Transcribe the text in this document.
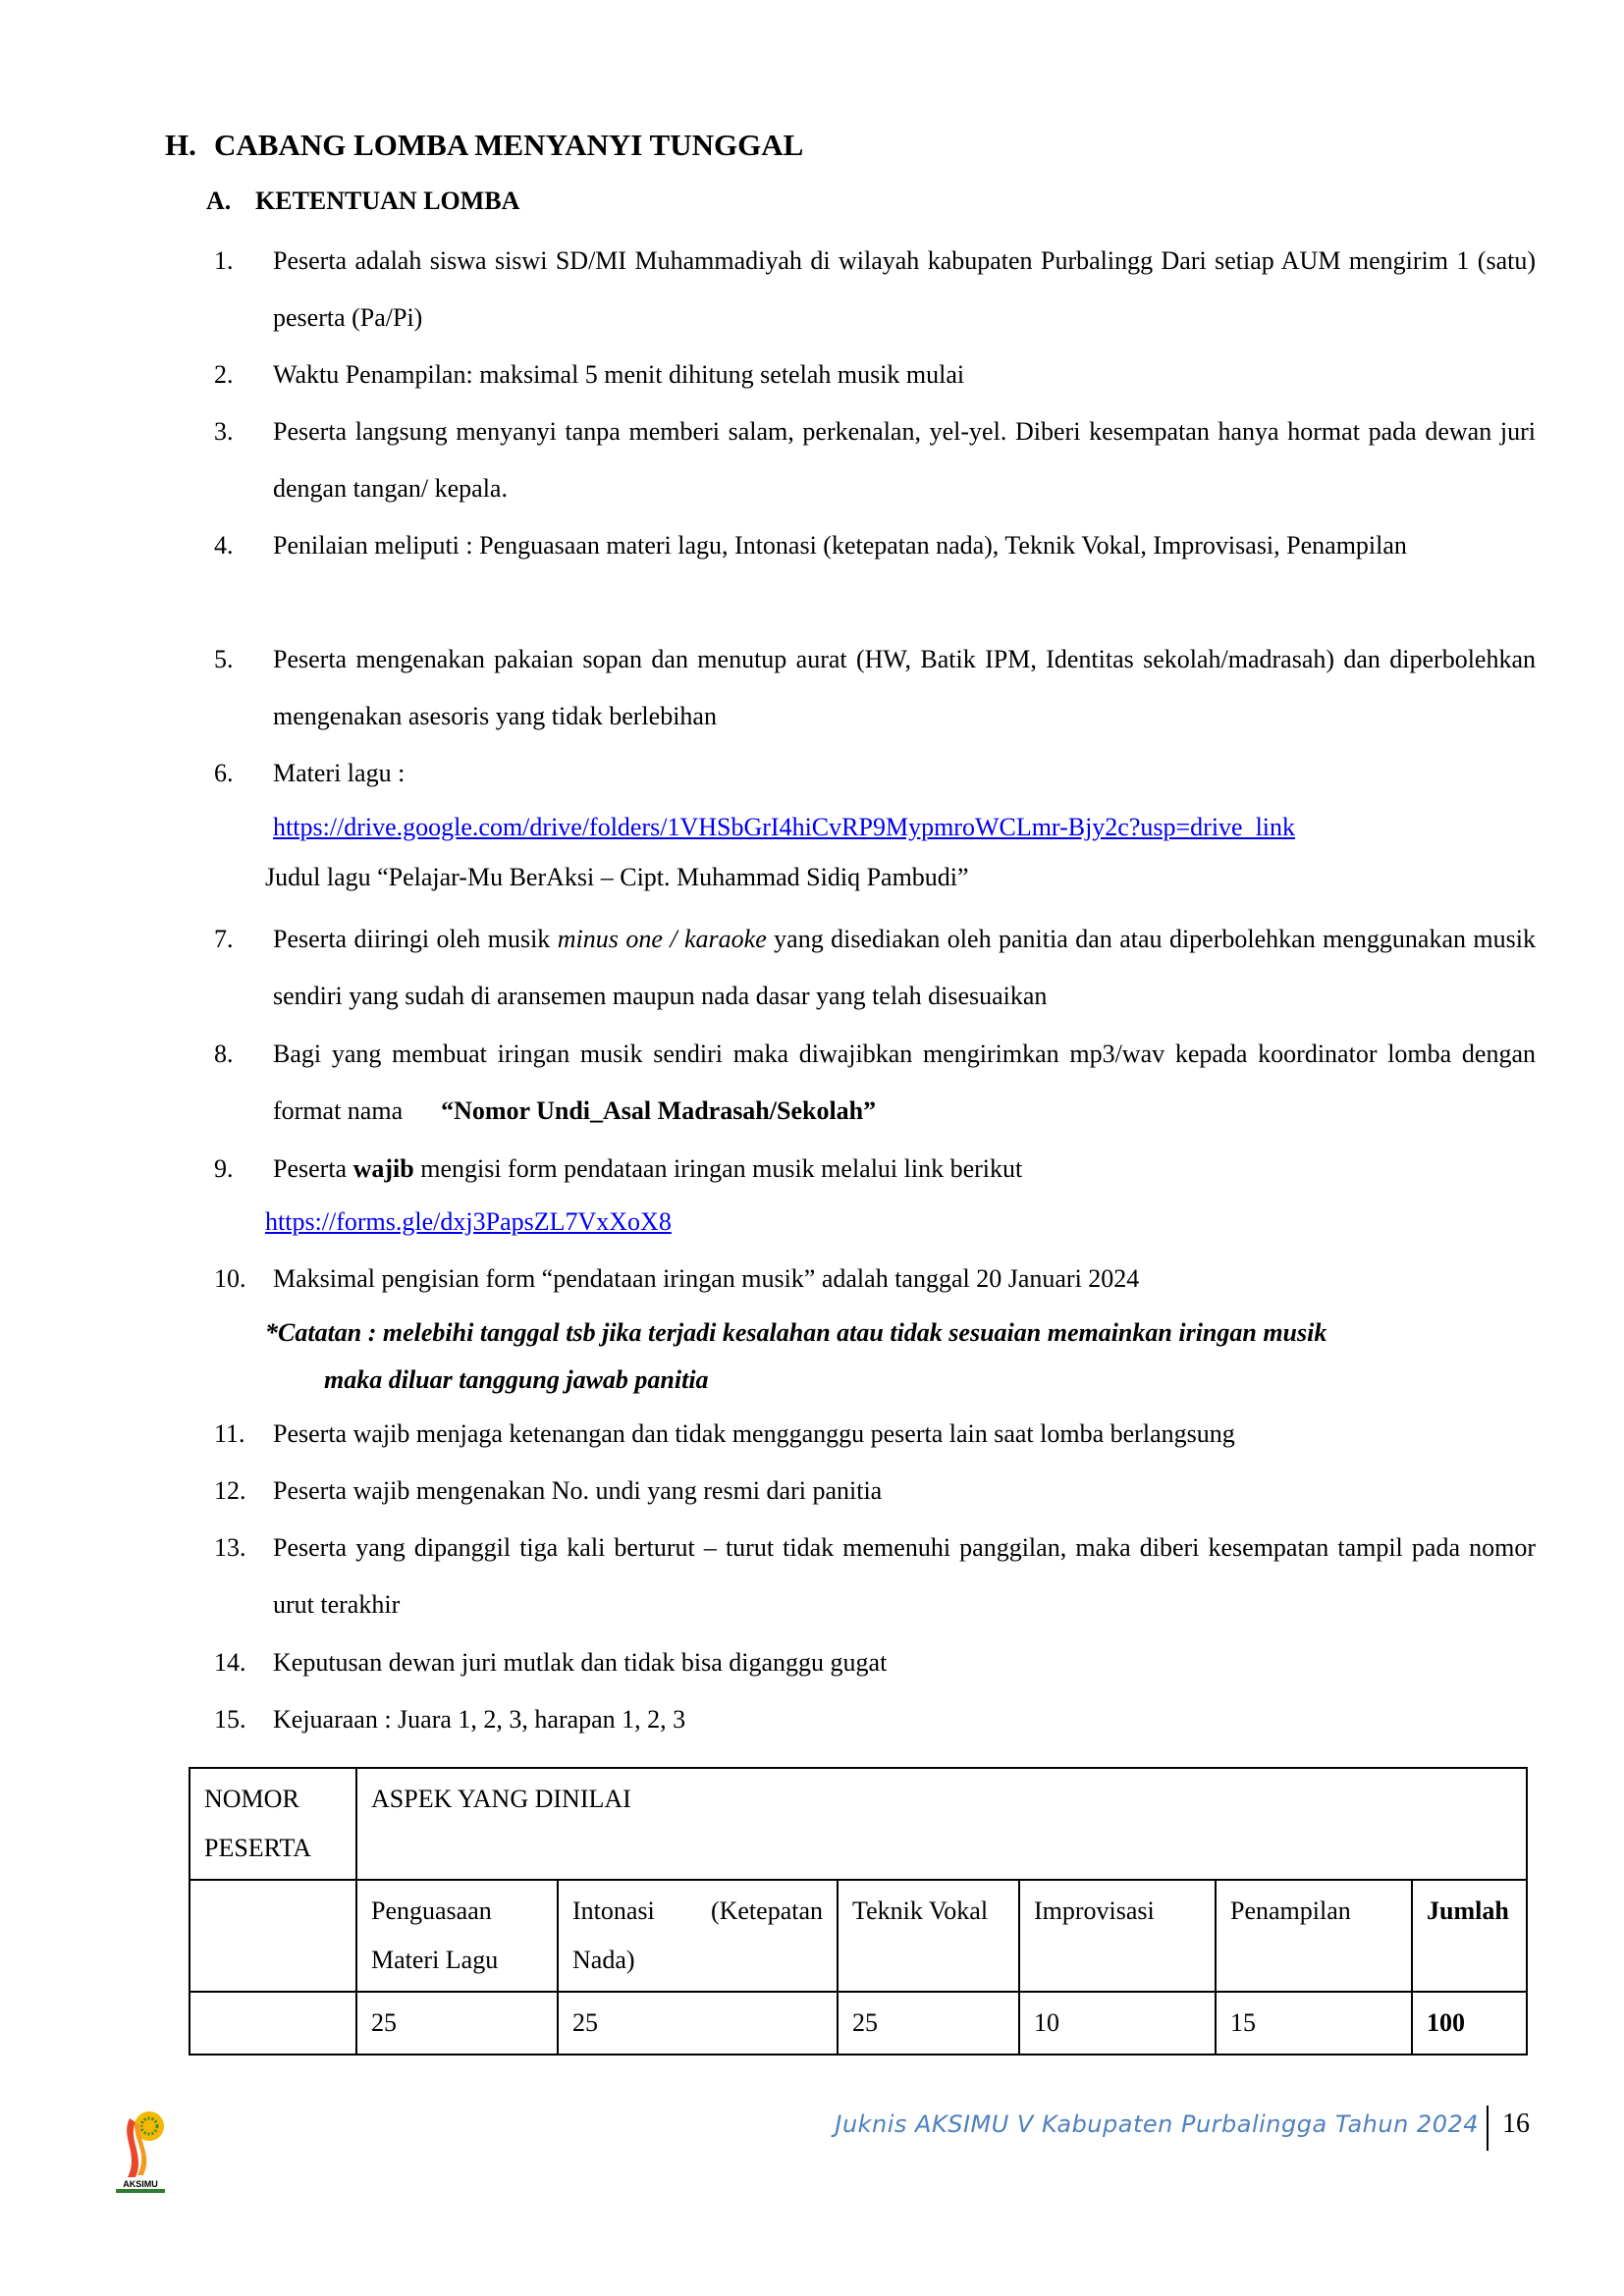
H. CABANG LOMBA MENYANYI TUNGGAL
A. KETENTUAN LOMBA
1. Peserta adalah siswa siswi SD/MI Muhammadiyah di wilayah kabupaten Purbalingg Dari setiap AUM mengirim 1 (satu) peserta (Pa/Pi)
2. Waktu Penampilan: maksimal 5 menit dihitung setelah musik mulai
3. Peserta langsung menyanyi tanpa memberi salam, perkenalan, yel-yel. Diberi kesempatan hanya hormat pada dewan juri dengan tangan/ kepala.
4. Penilaian meliputi : Penguasaan materi lagu, Intonasi (ketepatan nada), Teknik Vokal, Improvisasi, Penampilan
5. Peserta mengenakan pakaian sopan dan menutup aurat (HW, Batik IPM, Identitas sekolah/madrasah) dan diperbolehkan mengenakan asesoris yang tidak berlebihan
6. Materi lagu :
https://drive.google.com/drive/folders/1VHSbGrI4hiCvRP9MypmroWCLmr-Bjy2c?usp=drive_link
Judul lagu “Pelajar-Mu BerAksi – Cipt. Muhammad Sidiq Pambudi”
7. Peserta diiringi oleh musik minus one / karaoke yang disediakan oleh panitia dan atau diperbolehkan menggunakan musik sendiri yang sudah di aransemen maupun nada dasar yang telah disesuaikan
8. Bagi yang membuat iringan musik sendiri maka diwajibkan mengirimkan mp3/wav kepada koordinator lomba dengan format nama “Nomor Undi_Asal Madrasah/Sekolah”
9. Peserta wajib mengisi form pendataan iringan musik melalui link berikut
https://forms.gle/dxj3PapsZL7VxXoX8
10. Maksimal pengisian form “pendataan iringan musik” adalah tanggal 20 Januari 2024
*Catatan : melebihi tanggal tsb jika terjadi kesalahan atau tidak sesuaian memainkan iringan musik
maka diluar tanggung jawab panitia
11. Peserta wajib menjaga ketenangan dan tidak mengganggu peserta lain saat lomba berlangsung
12. Peserta wajib mengenakan No. undi yang resmi dari panitia
13. Peserta yang dipanggil tiga kali berturut – turut tidak memenuhi panggilan, maka diberi kesempatan tampil pada nomor urut terakhir
14. Keputusan dewan juri mutlak dan tidak bisa diganggu gugat
15. Kejuaraan : Juara 1, 2, 3, harapan 1, 2, 3
NOMOR PESERTA	ASPEK YANG DINILAI					
	Penguasaan Materi Lagu	Intonasi (Ketepatan Nada)	Teknik Vokal	Improvisasi	Penampilan	Jumlah
	25	25	25	10	15	100
AKSIMU
Juknis AKSIMU V Kabupaten Purbalingga Tahun 2024 16
